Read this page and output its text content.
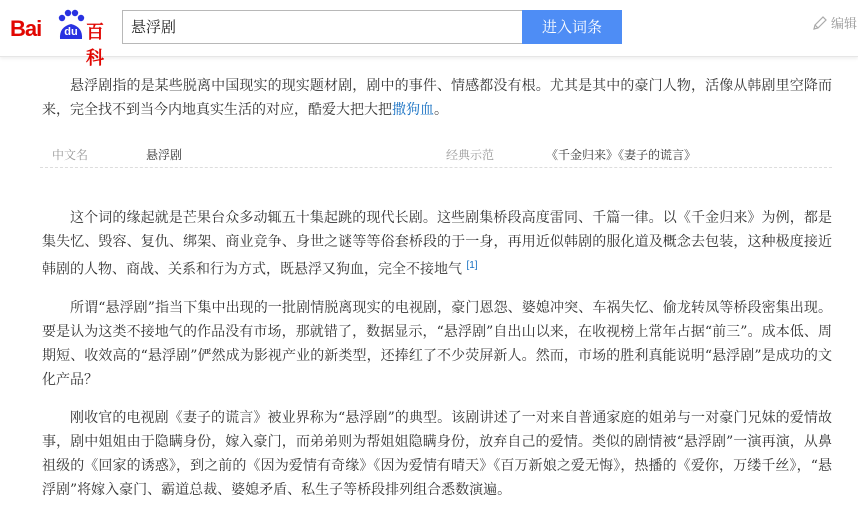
Bai	du 百科
悬浮剧	进入词条	编辑

悬浮剧指的是某些脱离中国现实的现实题材剧，剧中的事件、情感都没有根。尤其是其中的豪门人物，活像从韩剧里空降而来，完全找不到当今内地真实生活的对应，酷爱大把大把撒狗血。

中文名	悬浮剧	经典示范	《千金归来》《妻子的谎言》

这个词的缘起就是芒果台众多动辄五十集起跳的现代长剧。这些剧集桥段高度雷同、千篇一律。以《千金归来》为例，都是集失忆、毁容、复仇、绑架、商业竞争、身世之谜等等俗套桥段的于一身，再用近似韩剧的服化道及概念去包装，这种极度接近韩剧的人物、商战、关系和行为方式，既悬浮又狗血，完全不接地气 [1]

所谓“悬浮剧”指当下集中出现的一批剧情脱离现实的电视剧，豪门恩怨、婆媳冲突、车祸失忆、偷龙转凤等桥段密集出现。要是认为这类不接地气的作品没有市场，那就错了，数据显示，“悬浮剧”自出山以来，在收视榜上常年占据“前三”。成本低、周期短、收效高的“悬浮剧”俨然成为影视产业的新类型，还捧红了不少荧屏新人。然而，市场的胜利真能说明“悬浮剧”是成功的文化产品？

刚收官的电视剧《妻子的谎言》被业界称为“悬浮剧”的典型。该剧讲述了一对来自普通家庭的姐弟与一对豪门兄妹的爱情故事，剧中姐姐由于隐瞒身份，嫁入豪门，而弟弟则为帮姐姐隐瞒身份，放弃自己的爱情。类似的剧情被“悬浮剧”一演再演，从鼻祖级的《回家的诱惑》，到之前的《因为爱情有奇缘》《因为爱情有晴天》《百万新娘之爱无悔》，热播的《爱你，万缕千丝》，“悬浮剧”将嫁入豪门、霸道总裁、婆媳矛盾、私生子等桥段排列组合悉数演遍。
